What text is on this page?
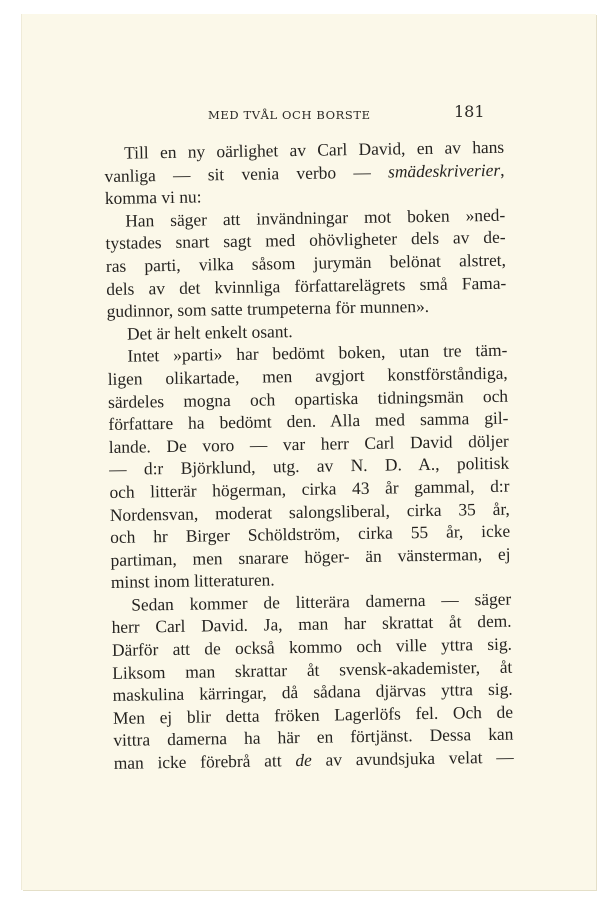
MED TVÅL OCH BORSTE	181
Till en ny oärlighet av Carl David, en av hans
vanliga — sit venia verbo — smädeskriverier,
komma vi nu:
Han säger att invändningar mot boken »ned-
tystades snart sagt med ohövligheter dels av de-
ras parti, vilka såsom jurymän belönat alstret,
dels av det kvinnliga författarelägrets små Fama-
gudinnor, som satte trumpeterna för munnen».
Det är helt enkelt osant.
Intet »parti» har bedömt boken, utan tre täm-
ligen olikartade, men avgjort konstförståndiga,
särdeles mogna och opartiska tidningsmän och
författare ha bedömt den. Alla med samma gil-
lande. De voro — var herr Carl David döljer
— d:r Björklund, utg. av N. D. A., politisk
och litterär högerman, cirka 43 år gammal, d:r
Nordensvan, moderat salongsliberal, cirka 35 år,
och hr Birger Schöldström, cirka 55 år, icke
partiman, men snarare höger- än vänsterman, ej
minst inom litteraturen.
Sedan kommer de litterära damerna — säger
herr Carl David. Ja, man har skrattat åt dem.
Därför att de också kommo och ville yttra sig.
Liksom man skrattar åt svensk-akademister, åt
maskulina kärringar, då sådana djärvas yttra sig.
Men ej blir detta fröken Lagerlöfs fel. Och de
vittra damerna ha här en förtjänst. Dessa kan
man icke förebrå att de av avundsjuka velat —
